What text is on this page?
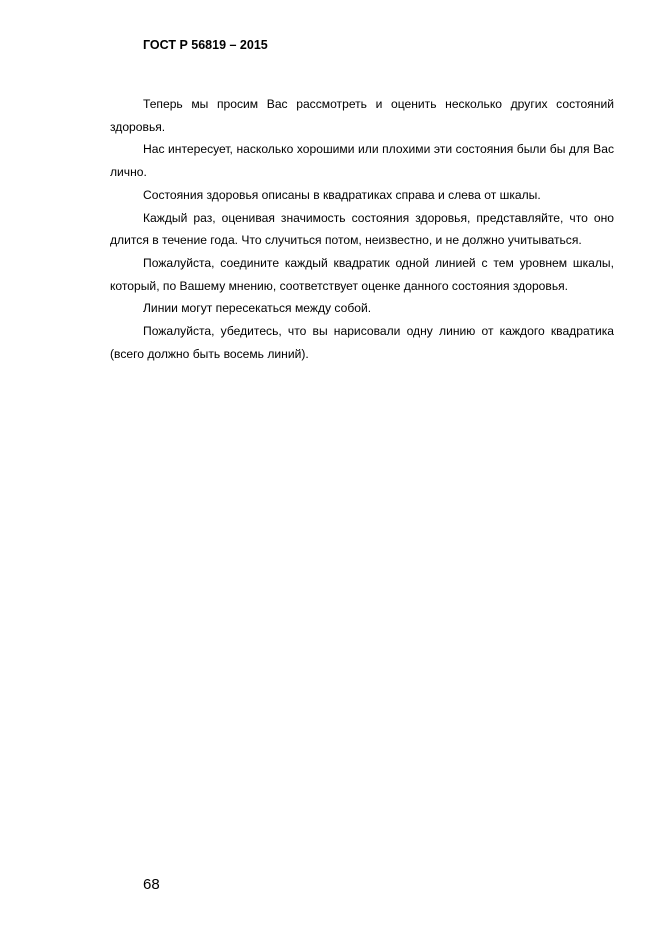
ГОСТ Р 56819 – 2015

Теперь мы просим Вас рассмотреть и оценить несколько других состояний здоровья.

Нас интересует, насколько хорошими или плохими эти состояния были бы для Вас лично.

Состояния здоровья описаны в квадратиках справа и слева от шкалы.

Каждый раз, оценивая значимость состояния здоровья, представляйте, что оно длится в течение года. Что случиться потом, неизвестно, и не должно учитываться.

Пожалуйста, соедините каждый квадратик одной линией с тем уровнем шкалы, который, по Вашему мнению, соответствует оценке данного состояния здоровья.

Линии могут пересекаться между собой.

Пожалуйста, убедитесь, что вы нарисовали одну линию от каждого квадратика (всего должно быть восемь линий).

68
